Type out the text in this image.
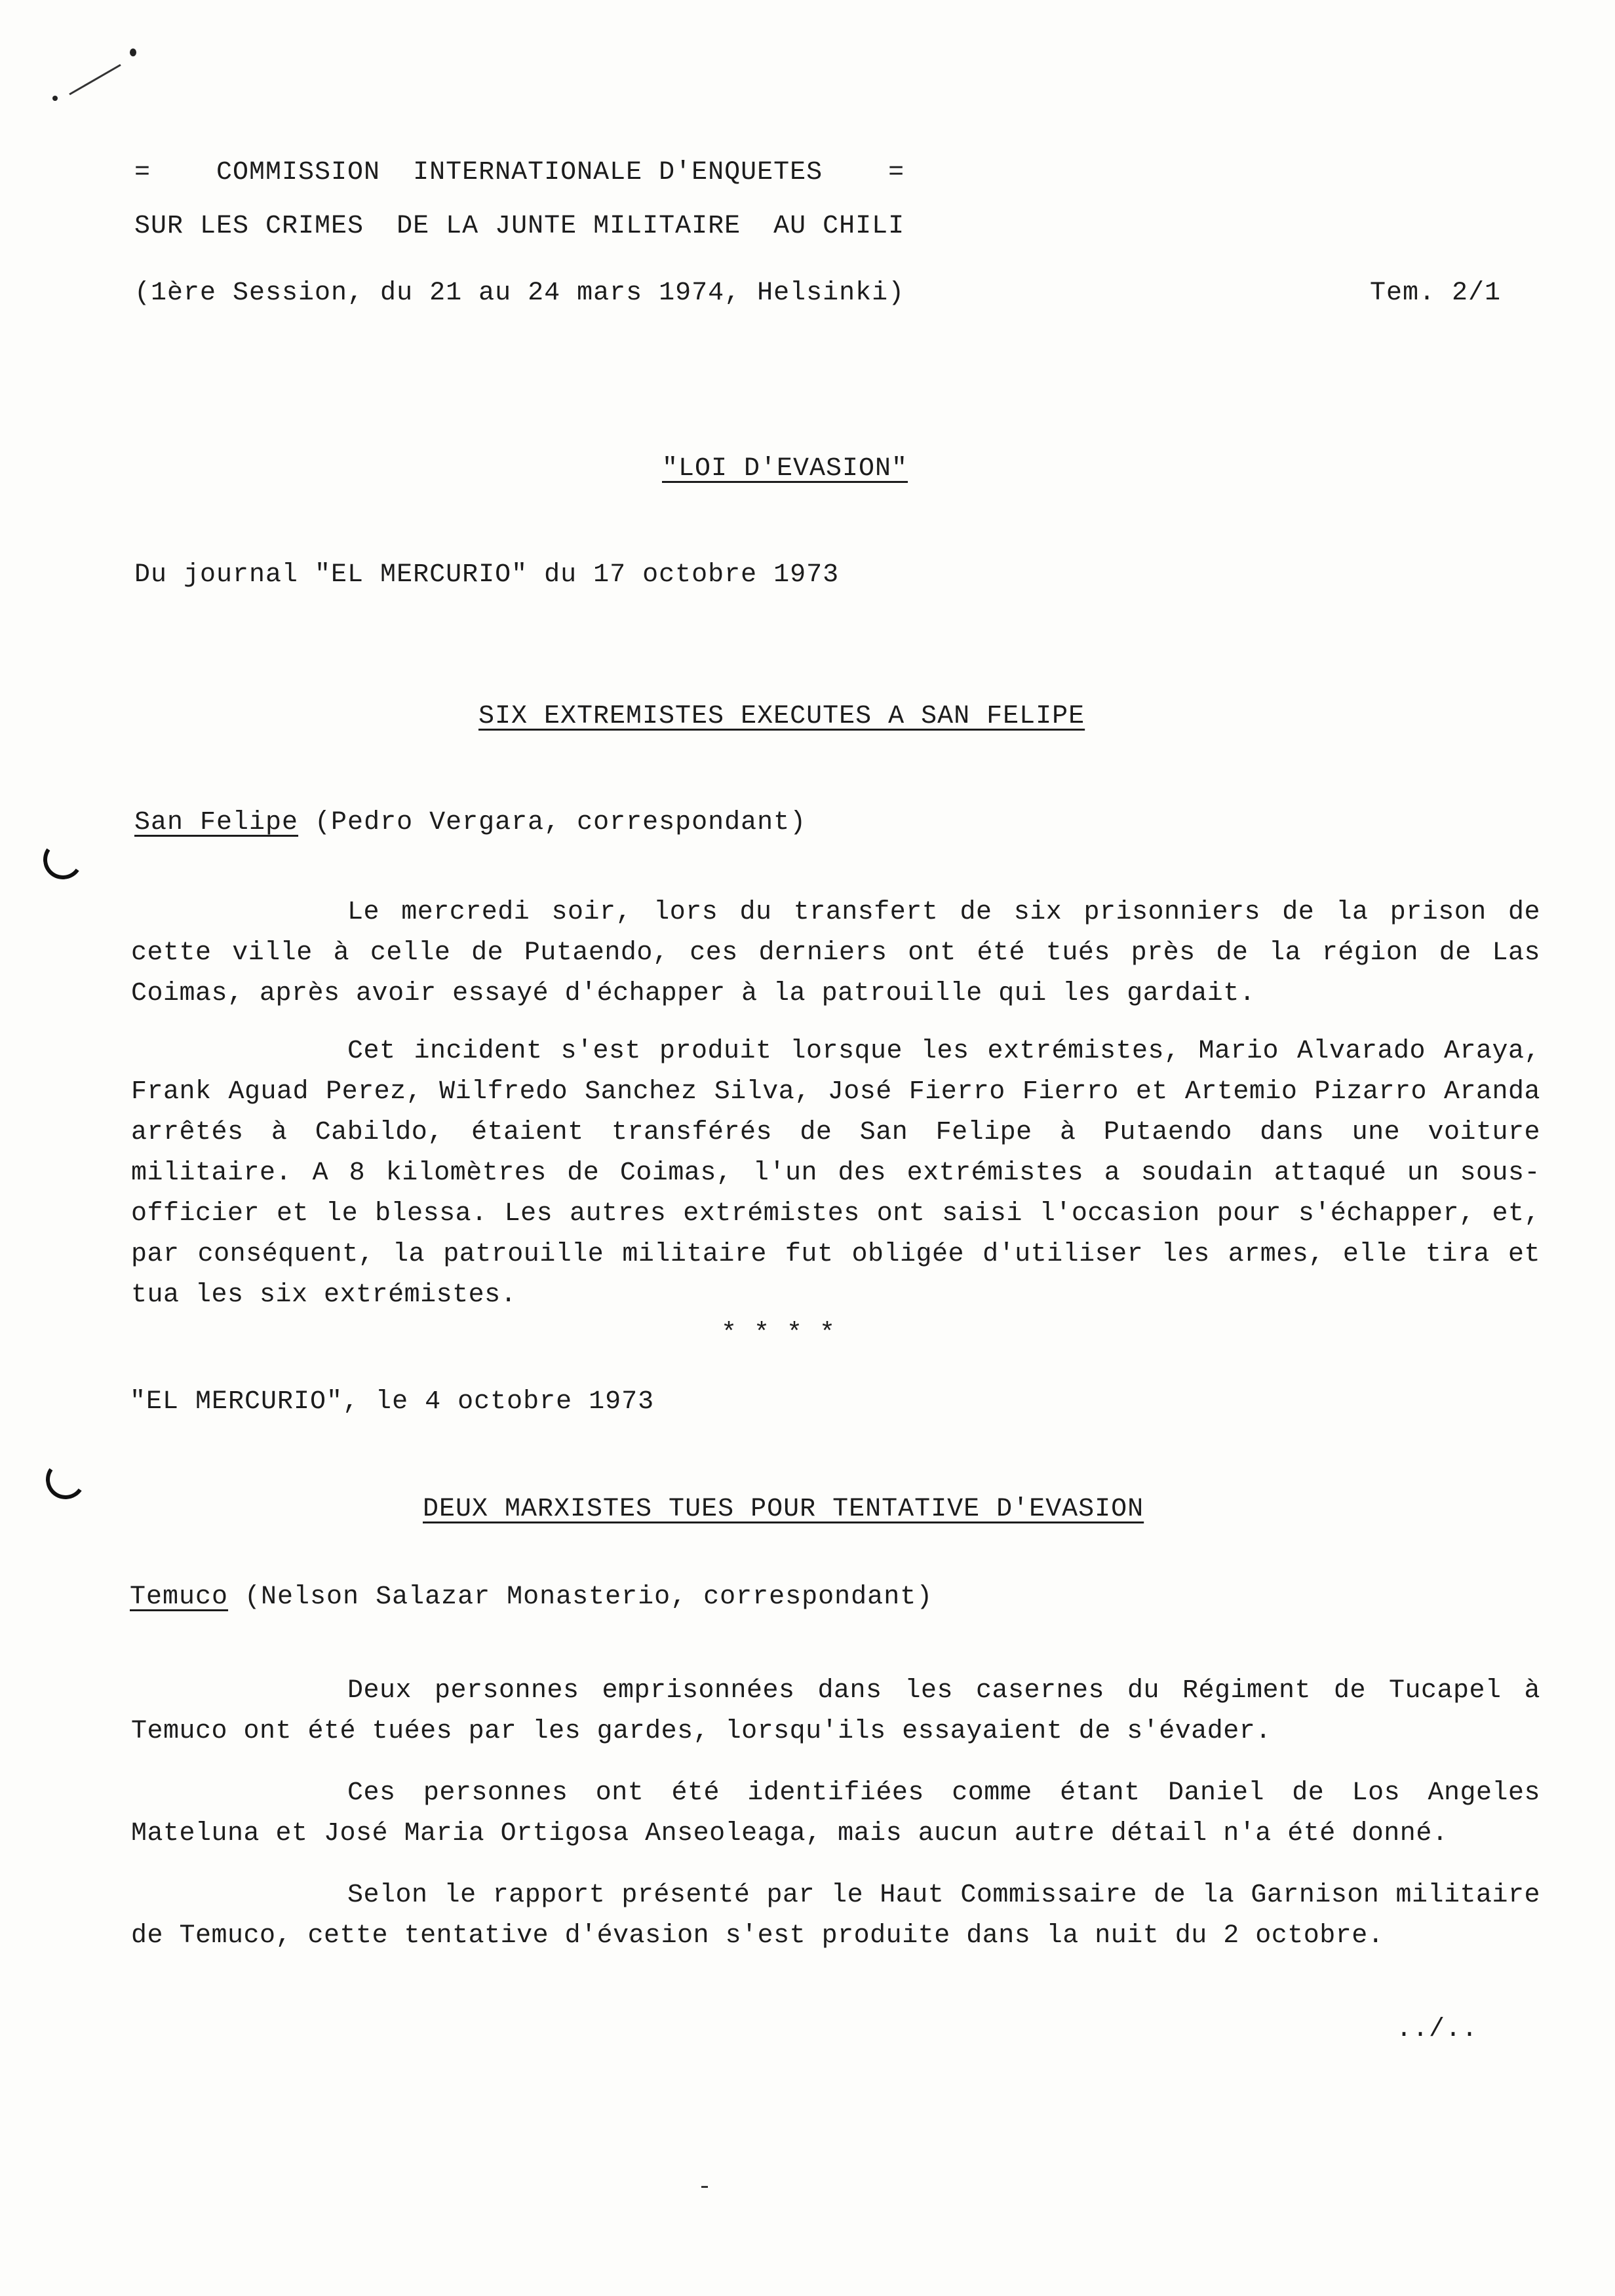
=    COMMISSION  INTERNATIONALE D'ENQUETES    =
SUR LES CRIMES  DE LA JUNTE MILITAIRE  AU CHILI
(1ère Session, du 21 au 24 mars 1974, Helsinki)	Tem. 2/1
"LOI D'EVASION"
Du journal "EL MERCURIO" du 17 octobre 1973
SIX EXTREMISTES EXECUTES A SAN FELIPE
San Felipe (Pedro Vergara, correspondant)
Le mercredi soir, lors du transfert de six prisonniers de la prison de cette ville à celle de Putaendo, ces derniers ont été tués près de la région de Las Coimas, après avoir essayé d'échapper à la patrouille qui les gardait.
Cet incident s'est produit lorsque les extrémistes, Mario Alvarado Araya, Frank Aguad Perez, Wilfredo Sanchez Silva, José Fierro Fierro et Artemio Pizarro Aranda arrêtés à Cabildo, étaient transférés de San Felipe à Putaendo dans une voiture militaire. A 8 kilomètres de Coimas, l'un des extrémistes a soudain attaqué un sous-officier et le blessa. Les autres extrémistes ont saisi l'occasion pour s'échapper, et, par conséquent, la patrouille militaire fut obligée d'utiliser les armes, elle tira et tua les six extrémistes.
* * * *
"EL MERCURIO", le 4 octobre 1973
DEUX MARXISTES TUES POUR TENTATIVE D'EVASION
Temuco (Nelson Salazar Monasterio, correspondant)
Deux personnes emprisonnées dans les casernes du Régiment de Tucapel à Temuco ont été tuées par les gardes, lorsqu'ils essayaient de s'évader.
Ces personnes ont été identifiées comme étant Daniel de Los Angeles Mateluna et José Maria Ortigosa Anseoleaga, mais aucun autre détail n'a été donné.
Selon le rapport présenté par le Haut Commissaire de la Garnison militaire de Temuco, cette tentative d'évasion s'est produite dans la nuit du 2 octobre.
../..
